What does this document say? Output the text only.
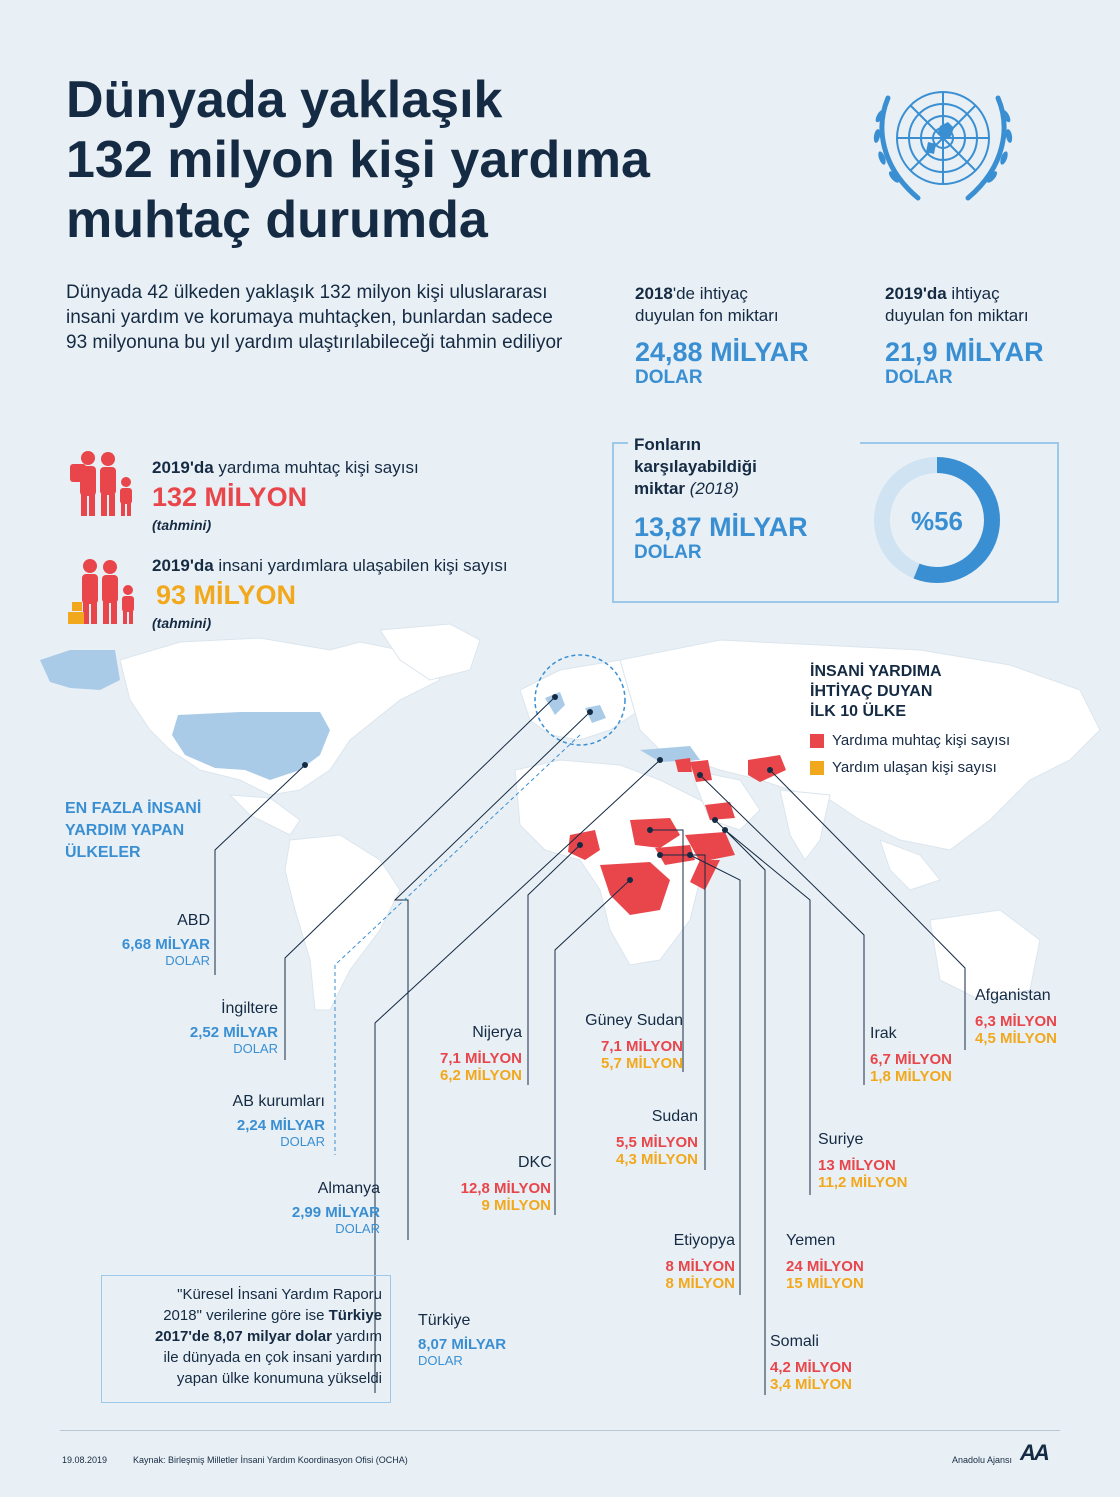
Dünyada yaklaşık
132 milyon kişi yardıma
muhtaç durumda
Dünyada 42 ülkeden yaklaşık 132 milyon kişi uluslararası insani yardım ve korumaya muhtaçken, bunlardan sadece 93 milyonuna bu yıl yardım ulaştırılabileceği tahmin ediliyor
2018'de ihtiyaç
duyulan fon miktarı
24,88 MİLYAR
DOLAR
2019'da ihtiyaç
duyulan fon miktarı
21,9 MİLYAR
DOLAR
Fonların
karşılayabildiği
miktar (2018)
13,87 MİLYAR
DOLAR
%56
2019'da yardıma muhtaç kişi sayısı
132 MİLYON
(tahmini)
2019'da insani yardımlara ulaşabilen kişi sayısı
93 MİLYON
(tahmini)
İNSANİ YARDIMA
İHTİYAÇ DUYAN
İLK 10 ÜLKE
Yardıma muhtaç kişi sayısı
Yardım ulaşan kişi sayısı
EN FAZLA İNSANİ
YARDIM YAPAN
ÜLKELER
ABD
6,68 MİLYAR
DOLAR
İngiltere
2,52 MİLYAR
DOLAR
AB kurumları
2,24 MİLYAR
DOLAR
Almanya
2,99 MİLYAR
DOLAR
Türkiye
8,07 MİLYAR
DOLAR
Nijerya
7,1 MİLYON
6,2 MİLYON
Güney Sudan
7,1 MİLYON
5,7 MİLYON
Sudan
5,5 MİLYON
4,3 MİLYON
DKC
12,8 MİLYON
9 MİLYON
Etiyopya
8 MİLYON
8 MİLYON
Yemen
24 MİLYON
15 MİLYON
Somali
4,2 MİLYON
3,4 MİLYON
Suriye
13 MİLYON
11,2 MİLYON
Irak
6,7 MİLYON
1,8 MİLYON
Afganistan
6,3 MİLYON
4,5 MİLYON
"Küresel İnsani Yardım Raporu
2018" verilerine göre ise Türkiye
2017'de 8,07 milyar dolar yardım
ile dünyada en çok insani yardım
yapan ülke konumuna yükseldi
19.08.2019	Kaynak: Birleşmiş Milletler İnsani Yardım Koordinasyon Ofisi (OCHA)	Anadolu Ajansı AA
